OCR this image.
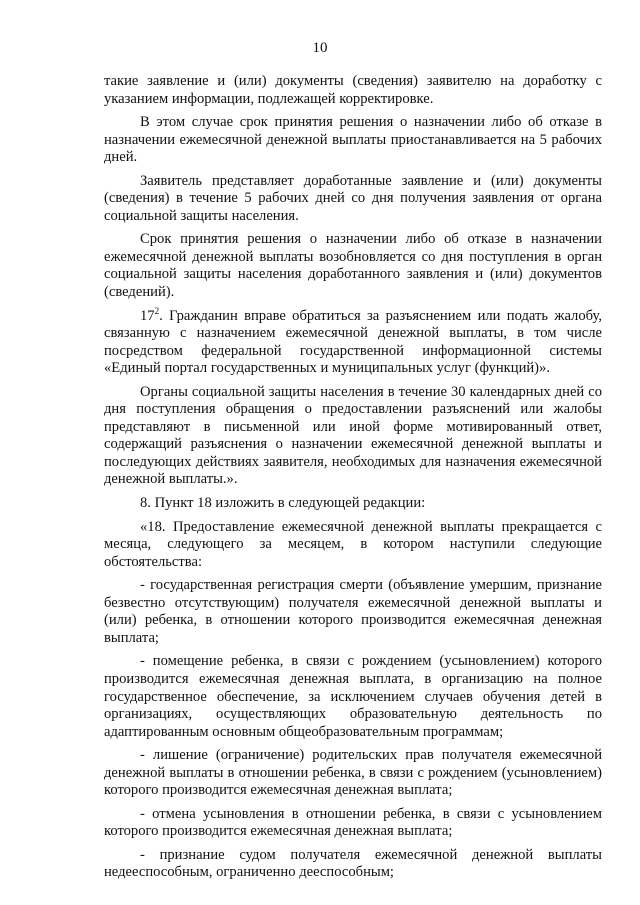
10

такие заявление и (или) документы (сведения) заявителю на доработку с указанием информации, подлежащей корректировке.

В этом случае срок принятия решения о назначении либо об отказе в назначении ежемесячной денежной выплаты приостанавливается на 5 рабочих дней.

Заявитель представляет доработанные заявление и (или) документы (сведения) в течение 5 рабочих дней со дня получения заявления от органа социальной защиты населения.

Срок принятия решения о назначении либо об отказе в назначении ежемесячной денежной выплаты возобновляется со дня поступления в орган социальной защиты населения доработанного заявления и (или) документов (сведений).

$17^2$. Гражданин вправе обратиться за разъяснением или подать жалобу, связанную с назначением ежемесячной денежной выплаты, в том числе посредством федеральной государственной информационной системы «Единый портал государственных и муниципальных услуг (функций)».

Органы социальной защиты населения в течение 30 календарных дней со дня поступления обращения о предоставлении разъяснений или жалобы представляют в письменной или иной форме мотивированный ответ, содержащий разъяснения о назначении ежемесячной денежной выплаты и последующих действиях заявителя, необходимых для назначения ежемесячной денежной выплаты.».

8. Пункт 18 изложить в следующей редакции:

«18. Предоставление ежемесячной денежной выплаты прекращается с месяца, следующего за месяцем, в котором наступили следующие обстоятельства:

- государственная регистрация смерти (объявление умершим, признание безвестно отсутствующим) получателя ежемесячной денежной выплаты и (или) ребенка, в отношении которого производится ежемесячная денежная выплата;

- помещение ребенка, в связи с рождением (усыновлением) которого производится ежемесячная денежная выплата, в организацию на полное государственное обеспечение, за исключением случаев обучения детей в организациях, осуществляющих образовательную деятельность по адаптированным основным общеобразовательным программам;

- лишение (ограничение) родительских прав получателя ежемесячной денежной выплаты в отношении ребенка, в связи с рождением (усыновлением) которого производится ежемесячная денежная выплата;

- отмена усыновления в отношении ребенка, в связи с усыновлением которого производится ежемесячная денежная выплата;

- признание судом получателя ежемесячной денежной выплаты недееспособным, ограниченно дееспособным;
